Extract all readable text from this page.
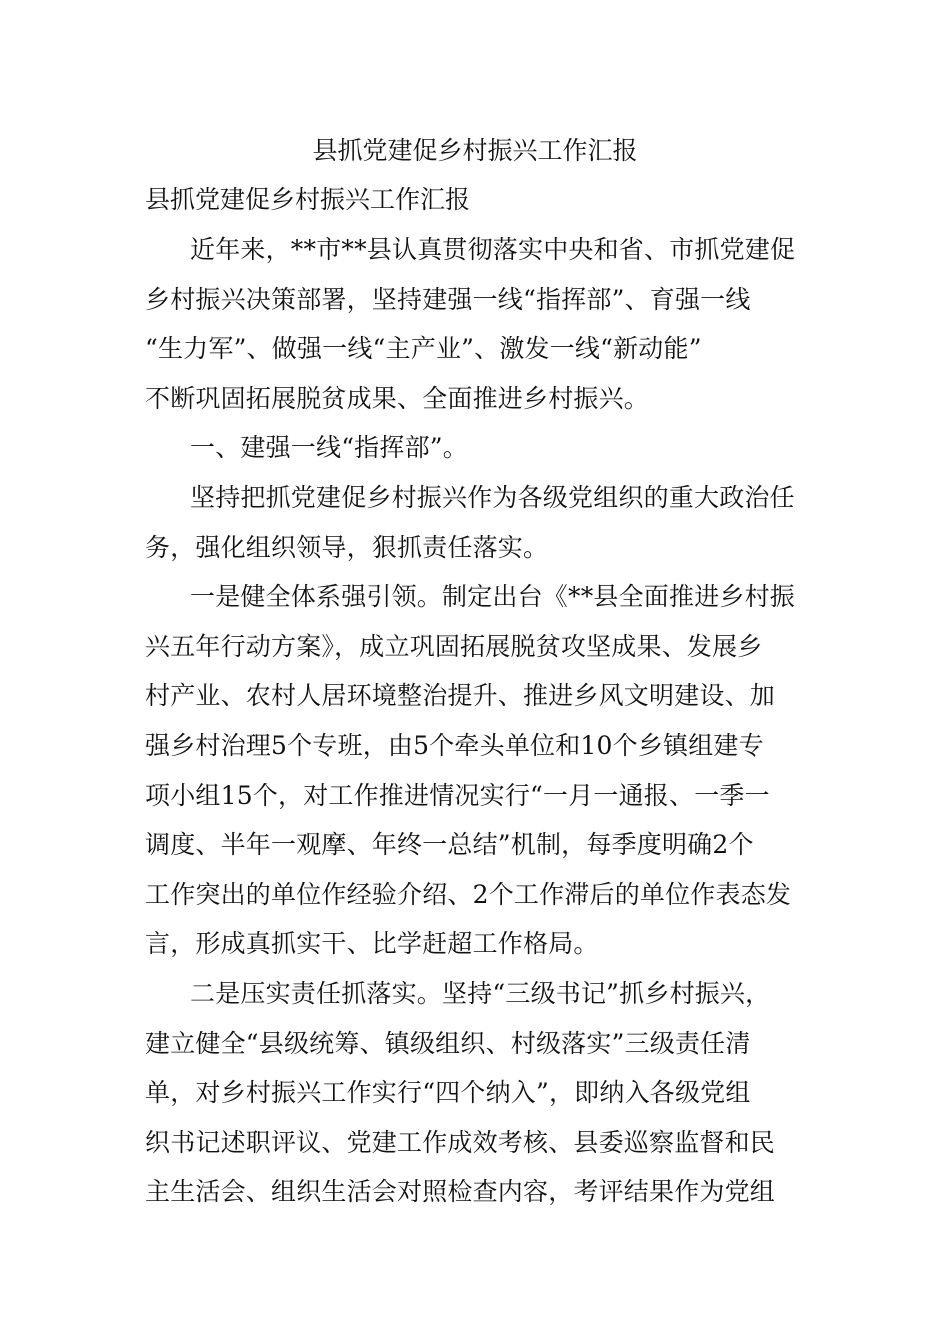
县抓党建促乡村振兴工作汇报
县抓党建促乡村振兴工作汇报
近年来，**市**县认真贯彻落实中央和省、市抓党建促
乡村振兴决策部署，坚持建强一线“指挥部”、育强一线
“生力军”、做强一线“主产业”、激发一线“新动能”
不断巩固拓展脱贫成果、全面推进乡村振兴。
一、建强一线“指挥部”。
坚持把抓党建促乡村振兴作为各级党组织的重大政治任
务，强化组织领导，狠抓责任落实。
一是健全体系强引领。制定出台《**县全面推进乡村振
兴五年行动方案》，成立巩固拓展脱贫攻坚成果、发展乡
村产业、农村人居环境整治提升、推进乡风文明建设、加
强乡村治理5个专班，由5个牵头单位和10个乡镇组建专
项小组15个，对工作推进情况实行“一月一通报、一季一
调度、半年一观摩、年终一总结”机制，每季度明确2个
工作突出的单位作经验介绍、2个工作滞后的单位作表态发
言，形成真抓实干、比学赶超工作格局。
二是压实责任抓落实。坚持“三级书记”抓乡村振兴，
建立健全“县级统筹、镇级组织、村级落实”三级责任清
单，对乡村振兴工作实行“四个纳入”，即纳入各级党组
织书记述职评议、党建工作成效考核、县委巡察监督和民
主生活会、组织生活会对照检查内容，考评结果作为党组
